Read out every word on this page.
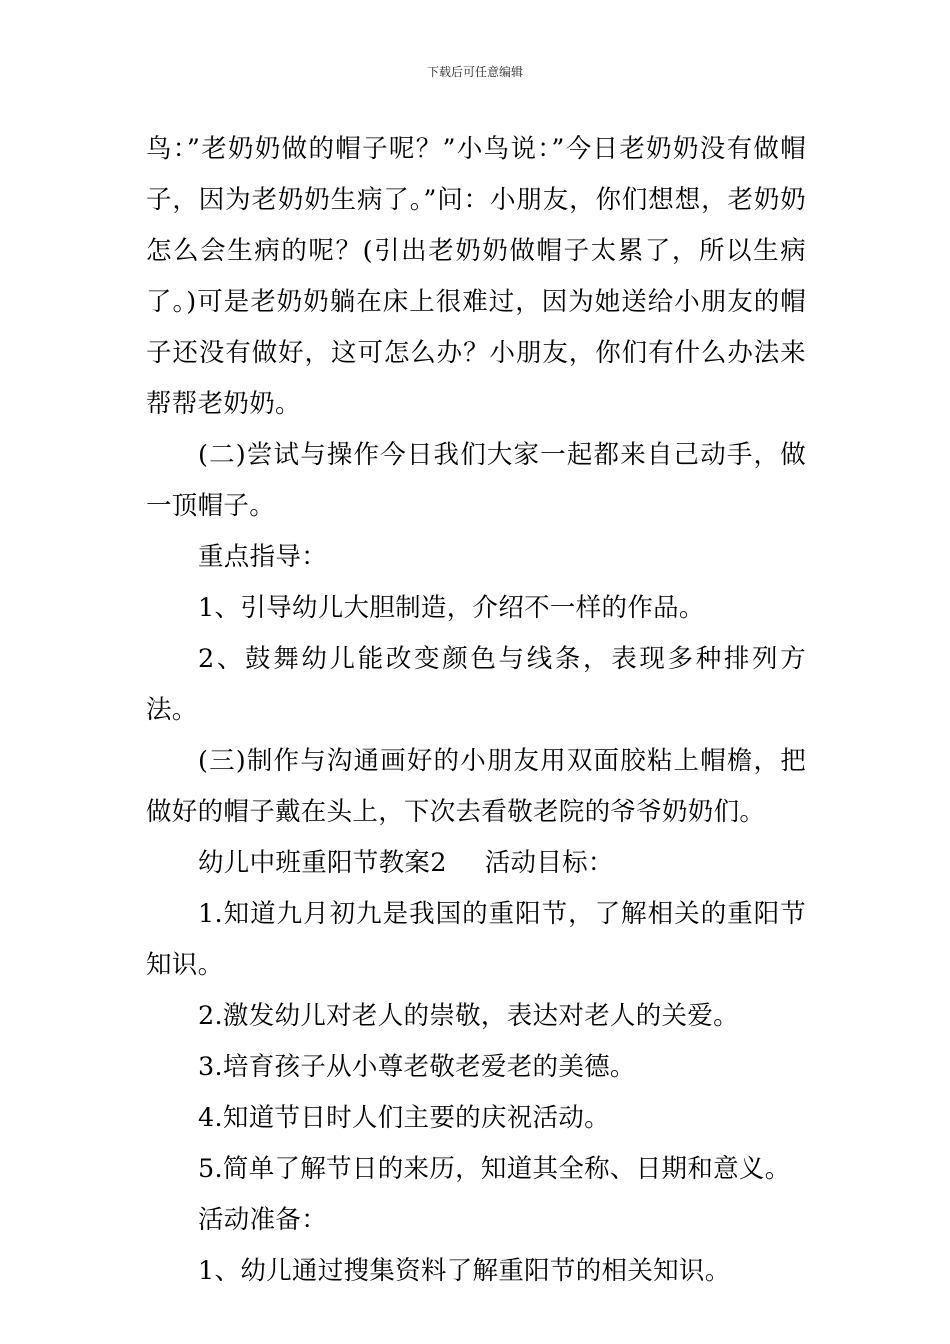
下载后可任意编辑

鸟：”老奶奶做的帽子呢？”小鸟说：”今日老奶奶没有做帽子，因为老奶奶生病了。”问：小朋友，你们想想，老奶奶怎么会生病的呢？(引出老奶奶做帽子太累了，所以生病了。)可是老奶奶躺在床上很难过，因为她送给小朋友的帽子还没有做好，这可怎么办？小朋友，你们有什么办法来帮帮老奶奶。

(二)尝试与操作今日我们大家一起都来自己动手，做一顶帽子。

重点指导：

1、引导幼儿大胆制造，介绍不一样的作品。

2、鼓舞幼儿能改变颜色与线条，表现多种排列方法。

(三)制作与沟通画好的小朋友用双面胶粘上帽檐，把做好的帽子戴在头上，下次去看敬老院的爷爷奶奶们。

幼儿中班重阳节教案2 活动目标：

1.知道九月初九是我国的重阳节，了解相关的重阳节知识。

2.激发幼儿对老人的崇敬，表达对老人的关爱。

3.培育孩子从小尊老敬老爱老的美德。

4.知道节日时人们主要的庆祝活动。

5.简单了解节日的来历，知道其全称、日期和意义。

活动准备：

1、幼儿通过搜集资料了解重阳节的相关知识。
